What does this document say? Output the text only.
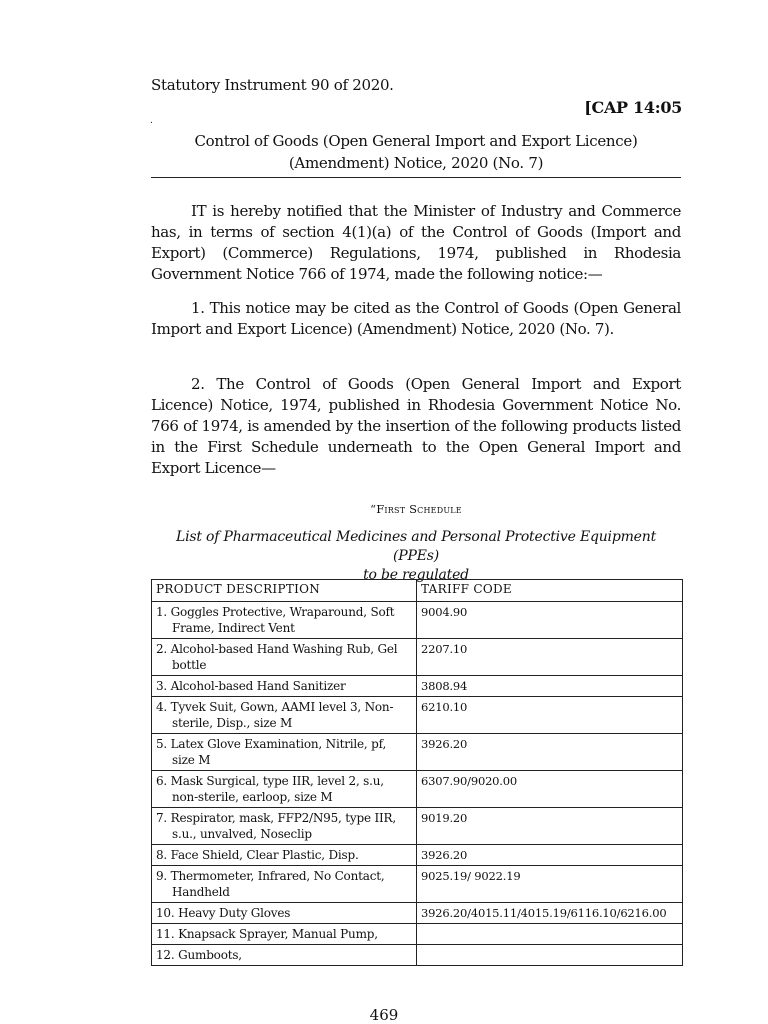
Statutory Instrument 90 of 2020.
[CAP 14:05
.
Control of Goods (Open General Import and Export Licence)
(Amendment) Notice, 2020 (No. 7)

IT is hereby notified that the Minister of Industry and Commerce has, in terms of section 4(1)(a) of the Control of Goods (Import and Export) (Commerce) Regulations, 1974, published in Rhodesia Government Notice 766 of 1974, made the following notice:—

1. This notice may be cited as the Control of Goods (Open General Import and Export Licence) (Amendment) Notice, 2020 (No. 7).

2. The Control of Goods (Open General Import and Export Licence) Notice, 1974, published in Rhodesia Government Notice No. 766 of 1974, is amended by the insertion of the following products listed in the First Schedule underneath to the Open General Import and Export Licence—

“First Schedule
List of Pharmaceutical Medicines and Personal Protective Equipment (PPEs)
to be regulated
PRODUCT DESCRIPTION	TARIFF CODE

1. Goggles Protective, Wraparound, Soft Frame, Indirect Vent	9004.90

2. Alcohol-based Hand Washing Rub, Gel bottle	2207.10

3. Alcohol-based Hand Sanitizer	3808.94

4. Tyvek Suit, Gown, AAMI level 3, Non-sterile, Disp., size M	6210.10

5. Latex Glove Examination, Nitrile, pf, size M	3926.20

6. Mask Surgical, type IIR, level 2, s.u, non-sterile, earloop, size M	6307.90/9020.00

7. Respirator, mask, FFP2/N95, type IIR, s.u., unvalved, Noseclip	9019.20

8. Face Shield, Clear Plastic, Disp.	3926.20

9. Thermometer, Infrared, No Contact, Handheld	9025.19/ 9022.19

10. Heavy Duty Gloves	3926.20/4015.11/4015.19/6116.10/6216.00

11. Knapsack Sprayer, Manual Pump,	

12. Gumboots,	

469
